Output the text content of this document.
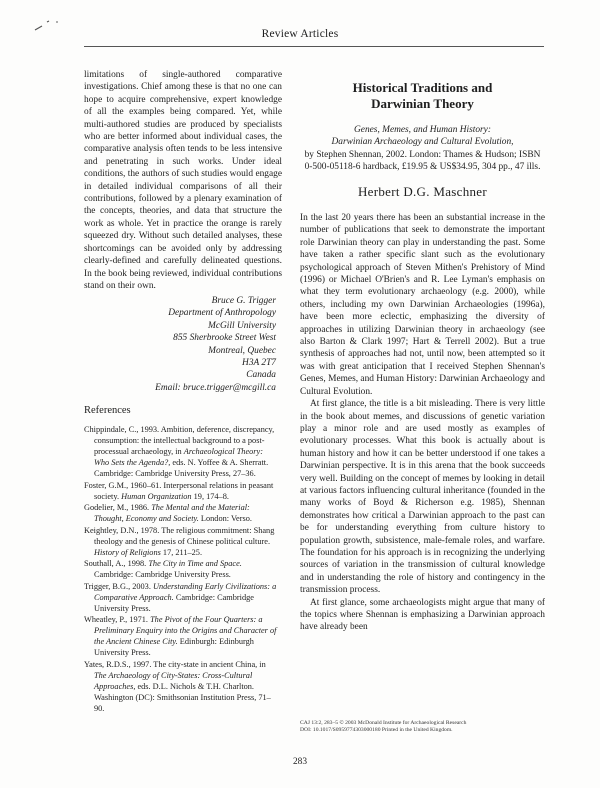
Review Articles
limitations of single-authored comparative investigations. Chief among these is that no one can hope to acquire comprehensive, expert knowledge of all the examples being compared. Yet, while multi-authored studies are produced by specialists who are better informed about individual cases, the comparative analysis often tends to be less intensive and penetrating in such works. Under ideal conditions, the authors of such studies would engage in detailed individual comparisons of all their contributions, followed by a plenary examination of the concepts, theories, and data that structure the work as whole. Yet in practice the orange is rarely squeezed dry. Without such detailed analyses, these shortcomings can be avoided only by addressing clearly-defined and carefully delineated questions. In the book being reviewed, individual contributions stand on their own.
Bruce G. Trigger
Department of Anthropology
McGill University
855 Sherbrooke Street West
Montreal, Quebec
H3A 2T7
Canada
Email: bruce.trigger@mcgill.ca
References
Chippindale, C., 1993. Ambition, deference, discrepancy, consumption: the intellectual background to a post-processual archaeology, in Archaeological Theory: Who Sets the Agenda?, eds. N. Yoffee & A. Sherratt. Cambridge: Cambridge University Press, 27–36.
Foster, G.M., 1960–61. Interpersonal relations in peasant society. Human Organization 19, 174–8.
Godelier, M., 1986. The Mental and the Material: Thought, Economy and Society. London: Verso.
Keightley, D.N., 1978. The religious commitment: Shang theology and the genesis of Chinese political culture. History of Religions 17, 211–25.
Southall, A., 1998. The City in Time and Space. Cambridge: Cambridge University Press.
Trigger, B.G., 2003. Understanding Early Civilizations: a Comparative Approach. Cambridge: Cambridge University Press.
Wheatley, P., 1971. The Pivot of the Four Quarters: a Preliminary Enquiry into the Origins and Character of the Ancient Chinese City. Edinburgh: Edinburgh University Press.
Yates, R.D.S., 1997. The city-state in ancient China, in The Archaeology of City-States: Cross-Cultural Approaches, eds. D.L. Nichols & T.H. Charlton. Washington (DC): Smithsonian Institution Press, 71–90.

Historical Traditions and
Darwinian Theory

Genes, Memes, and Human History:
Darwinian Archaeology and Cultural Evolution,
by Stephen Shennan, 2002. London: Thames & Hudson; ISBN 0-500-05118-6 hardback, £19.95 & US$34.95, 304 pp., 47 ills.
Herbert D.G. Maschner

In the last 20 years there has been an substantial increase in the number of publications that seek to demonstrate the important role Darwinian theory can play in understanding the past. Some have taken a rather specific slant such as the evolutionary psychological approach of Steven Mithen's Prehistory of Mind (1996) or Michael O'Brien's and R. Lee Lyman's emphasis on what they term evolutionary archaeology (e.g. 2000), while others, including my own Darwinian Archaeologies (1996a), have been more eclectic, emphasizing the diversity of approaches in utilizing Darwinian theory in archaeology (see also Barton & Clark 1997; Hart & Terrell 2002). But a true synthesis of approaches had not, until now, been attempted so it was with great anticipation that I received Stephen Shennan's Genes, Memes, and Human History: Darwinian Archaeology and Cultural Evolution.

At first glance, the title is a bit misleading. There is very little in the book about memes, and discussions of genetic variation play a minor role and are used mostly as examples of evolutionary processes. What this book is actually about is human history and how it can be better understood if one takes a Darwinian perspective. It is in this arena that the book succeeds very well. Building on the concept of memes by looking in detail at various factors influencing cultural inheritance (founded in the many works of Boyd & Richerson e.g. 1985), Shennan demonstrates how critical a Darwinian approach to the past can be for understanding everything from culture history to population growth, subsistence, male-female roles, and warfare. The foundation for his approach is in recognizing the underlying sources of variation in the transmission of cultural knowledge and in understanding the role of history and contingency in the transmission process.

At first glance, some archaeologists might argue that many of the topics where Shennan is emphasizing a Darwinian approach have already been

CAJ 13:2, 283–5 © 2003 McDonald Institute for Archaeological Research
DOI: 10.1017/S0959774303000180 Printed in the United Kingdom.
283
